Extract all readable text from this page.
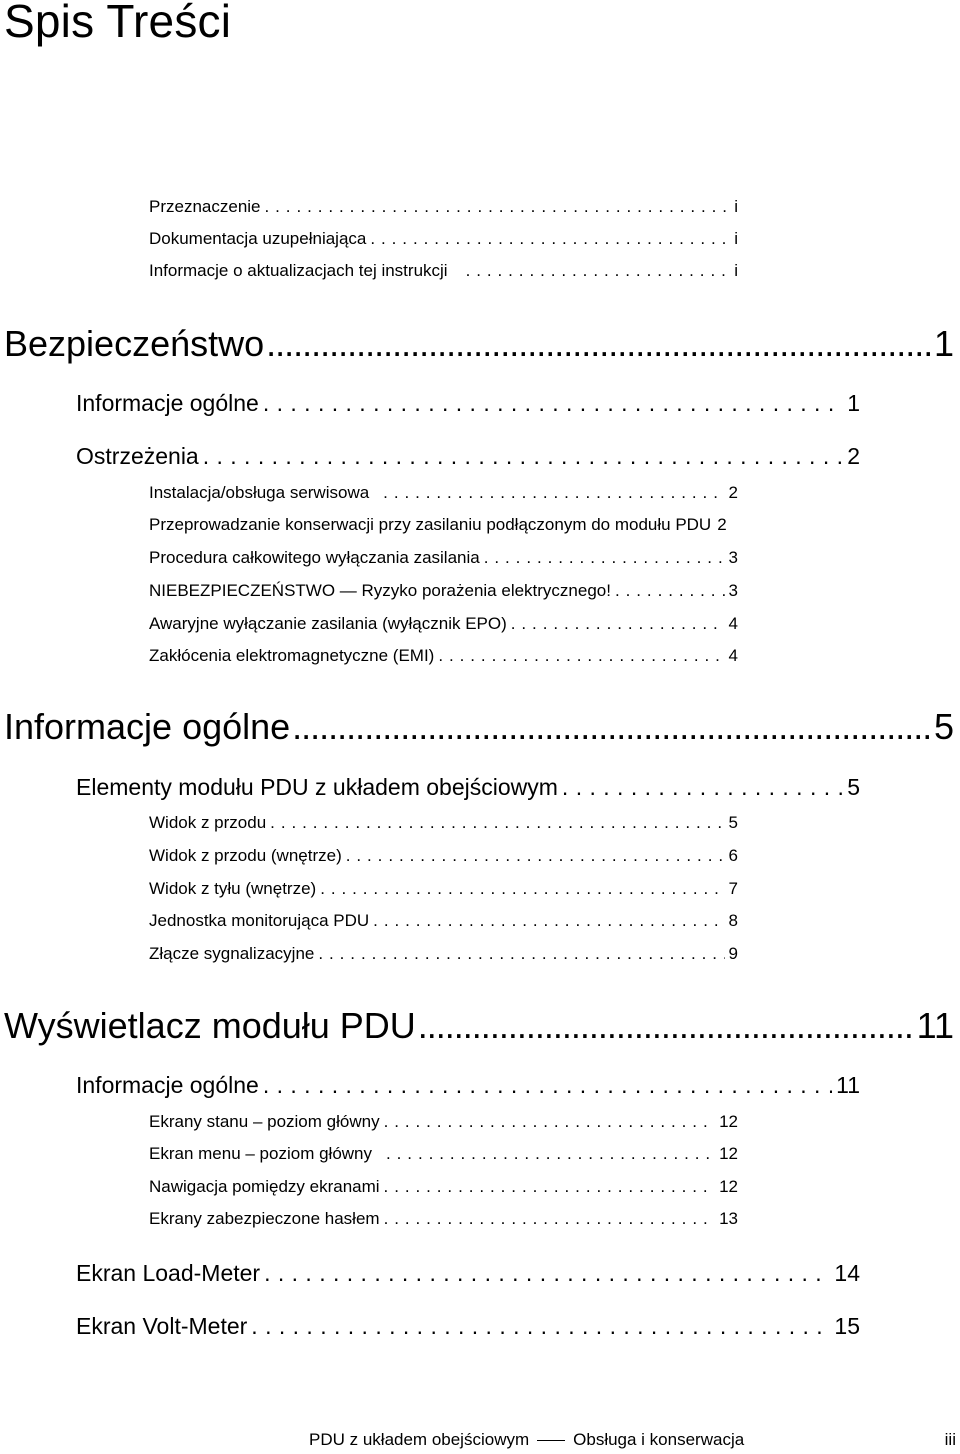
Spis Treści
Przeznaczenie . . .	i
Dokumentacja uzupełniająca . . .	i
Informacje o aktualizacjach tej instrukcji . . .	i
Bezpieczeństwo .....	1
Informacje ogólne . . .	1
Ostrzeżenia . . .	2
Instalacja/obsługa serwisowa . . .	2
Przeprowadzanie konserwacji przy zasilaniu podłączonym do modułu PDU 2
Procedura całkowitego wyłączania zasilania . . .	3
NIEBEZPIECZEŃSTWO — Ryzyko porażenia elektrycznego! . . .	3
Awaryjne wyłączanie zasilania (wyłącznik EPO) . . .	4
Zakłócenia elektromagnetyczne (EMI) . . .	4
Informacje ogólne .....	5
Elementy modułu PDU z układem obejściowym . . .	5
Widok z przodu . . .	5
Widok z przodu (wnętrze) . . .	6
Widok z tyłu (wnętrze) . . .	7
Jednostka monitorująca PDU . . .	8
Złącze sygnalizacyjne . . .	9
Wyświetlacz modułu PDU .....	11
Informacje ogólne . . .	11
Ekrany stanu – poziom główny . . .	12
Ekran menu – poziom główny . . .	12
Nawigacja pomiędzy ekranami . . .	12
Ekrany zabezpieczone hasłem . . .	13
Ekran Load-Meter . . .	14
Ekran Volt-Meter . . .	15
PDU z układem obejściowym	Obsługa i konserwacja	iii
